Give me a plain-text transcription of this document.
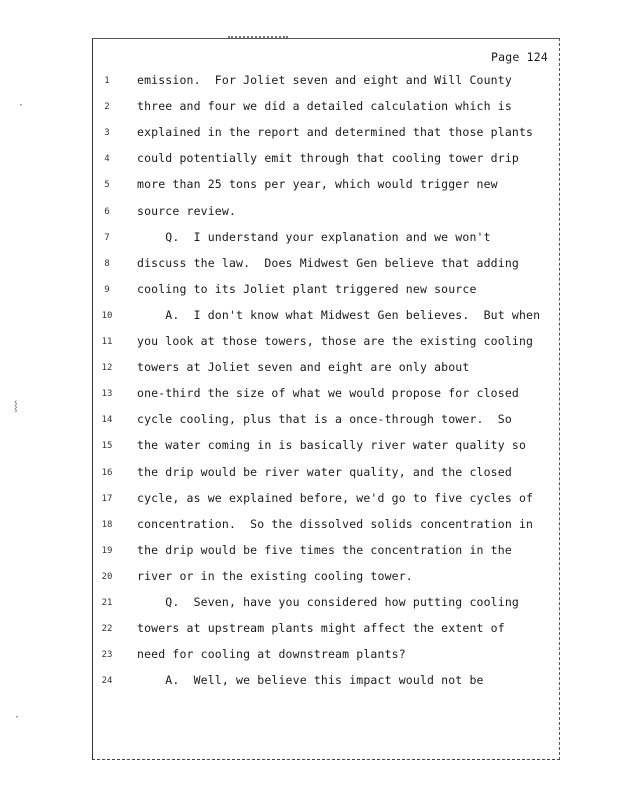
Page 124
1	emission.  For Joliet seven and eight and Will County
2	three and four we did a detailed calculation which is
3	explained in the report and determined that those plants
4	could potentially emit through that cooling tower drip
5	more than 25 tons per year, which would trigger new
6	source review.
7	Q.  I understand your explanation and we won't
8	discuss the law.  Does Midwest Gen believe that adding
9	cooling to its Joliet plant triggered new source
10	A.  I don't know what Midwest Gen believes.  But when
11	you look at those towers, those are the existing cooling
12	towers at Joliet seven and eight are only about
13	one-third the size of what we would propose for closed
14	cycle cooling, plus that is a once-through tower.  So
15	the water coming in is basically river water quality so
16	the drip would be river water quality, and the closed
17	cycle, as we explained before, we'd go to five cycles of
18	concentration.  So the dissolved solids concentration in
19	the drip would be five times the concentration in the
20	river or in the existing cooling tower.
21	Q.  Seven, have you considered how putting cooling
22	towers at upstream plants might affect the extent of
23	need for cooling at downstream plants?
24	A.  Well, we believe this impact would not be
·
⸾
·
